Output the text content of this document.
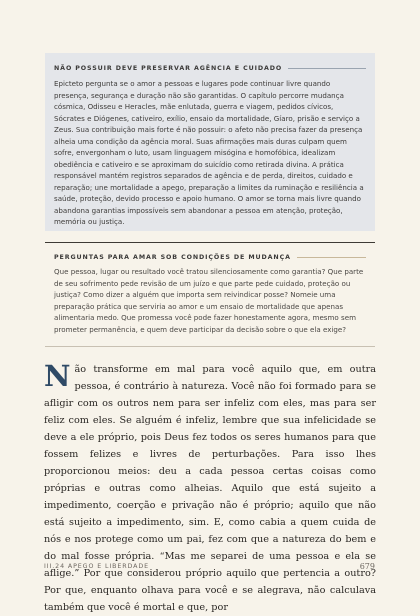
NÃO POSSUIR DEVE PRESERVAR AGÊNCIA E CUIDADO
Epicteto pergunta se o amor a pessoas e lugares pode continuar livre quando presença, segurança e duração não são garantidas. O capítulo percorre mudança cósmica, Odisseu e Heracles, mãe enlutada, guerra e viagem, pedidos cívicos, Sócrates e Diógenes, cativeiro, exílio, ensaio da mortalidade, Gíaro, prisão e serviço a Zeus. Sua contribuição mais forte é não possuir: o afeto não precisa fazer da presença alheia uma condição da agência moral. Suas afirmações mais duras culpam quem sofre, envergonham o luto, usam linguagem misógina e homofóbica, idealizam obediência e cativeiro e se aproximam do suicídio como retirada divina. A prática responsável mantém registros separados de agência e de perda, direitos, cuidado e reparação; une mortalidade a apego, preparação a limites da ruminação e resiliência a saúde, proteção, devido processo e apoio humano. O amor se torna mais livre quando abandona garantias impossíveis sem abandonar a pessoa em atenção, proteção, memória ou justiça.
PERGUNTAS PARA AMAR SOB CONDIÇÕES DE MUDANÇA
Que pessoa, lugar ou resultado você tratou silenciosamente como garantia? Que parte de seu sofrimento pede revisão de um juízo e que parte pede cuidado, proteção ou justiça? Como dizer a alguém que importa sem reivindicar posse? Nomeie uma preparação prática que serviria ao amor e um ensaio de mortalidade que apenas alimentaria medo. Que promessa você pode fazer honestamente agora, mesmo sem prometer permanência, e quem deve participar da decisão sobre o que ela exige?
Não transforme em mal para você aquilo que, em outra pessoa, é contrário à natureza. Você não foi formado para se afligir com os outros nem para ser infeliz com eles, mas para ser feliz com eles. Se alguém é infeliz, lembre que sua infelicidade se deve a ele próprio, pois Deus fez todos os seres humanos para que fossem felizes e livres de perturbações. Para isso lhes proporcionou meios: deu a cada pessoa certas coisas como próprias e outras como alheias. Aquilo que está sujeito a impedimento, coerção e privação não é próprio; aquilo que não está sujeito a impedimento, sim. E, como cabia a quem cuida de nós e nos protege como um pai, fez com que a natureza do bem e do mal fosse própria. “Mas me separei de uma pessoa e ela se aflige.” Por que considerou próprio aquilo que pertencia a outro? Por que, enquanto olhava para você e se alegrava, não calculava também que você é mortal e que, por
III.24 APEGO E LIBERDADE	679
